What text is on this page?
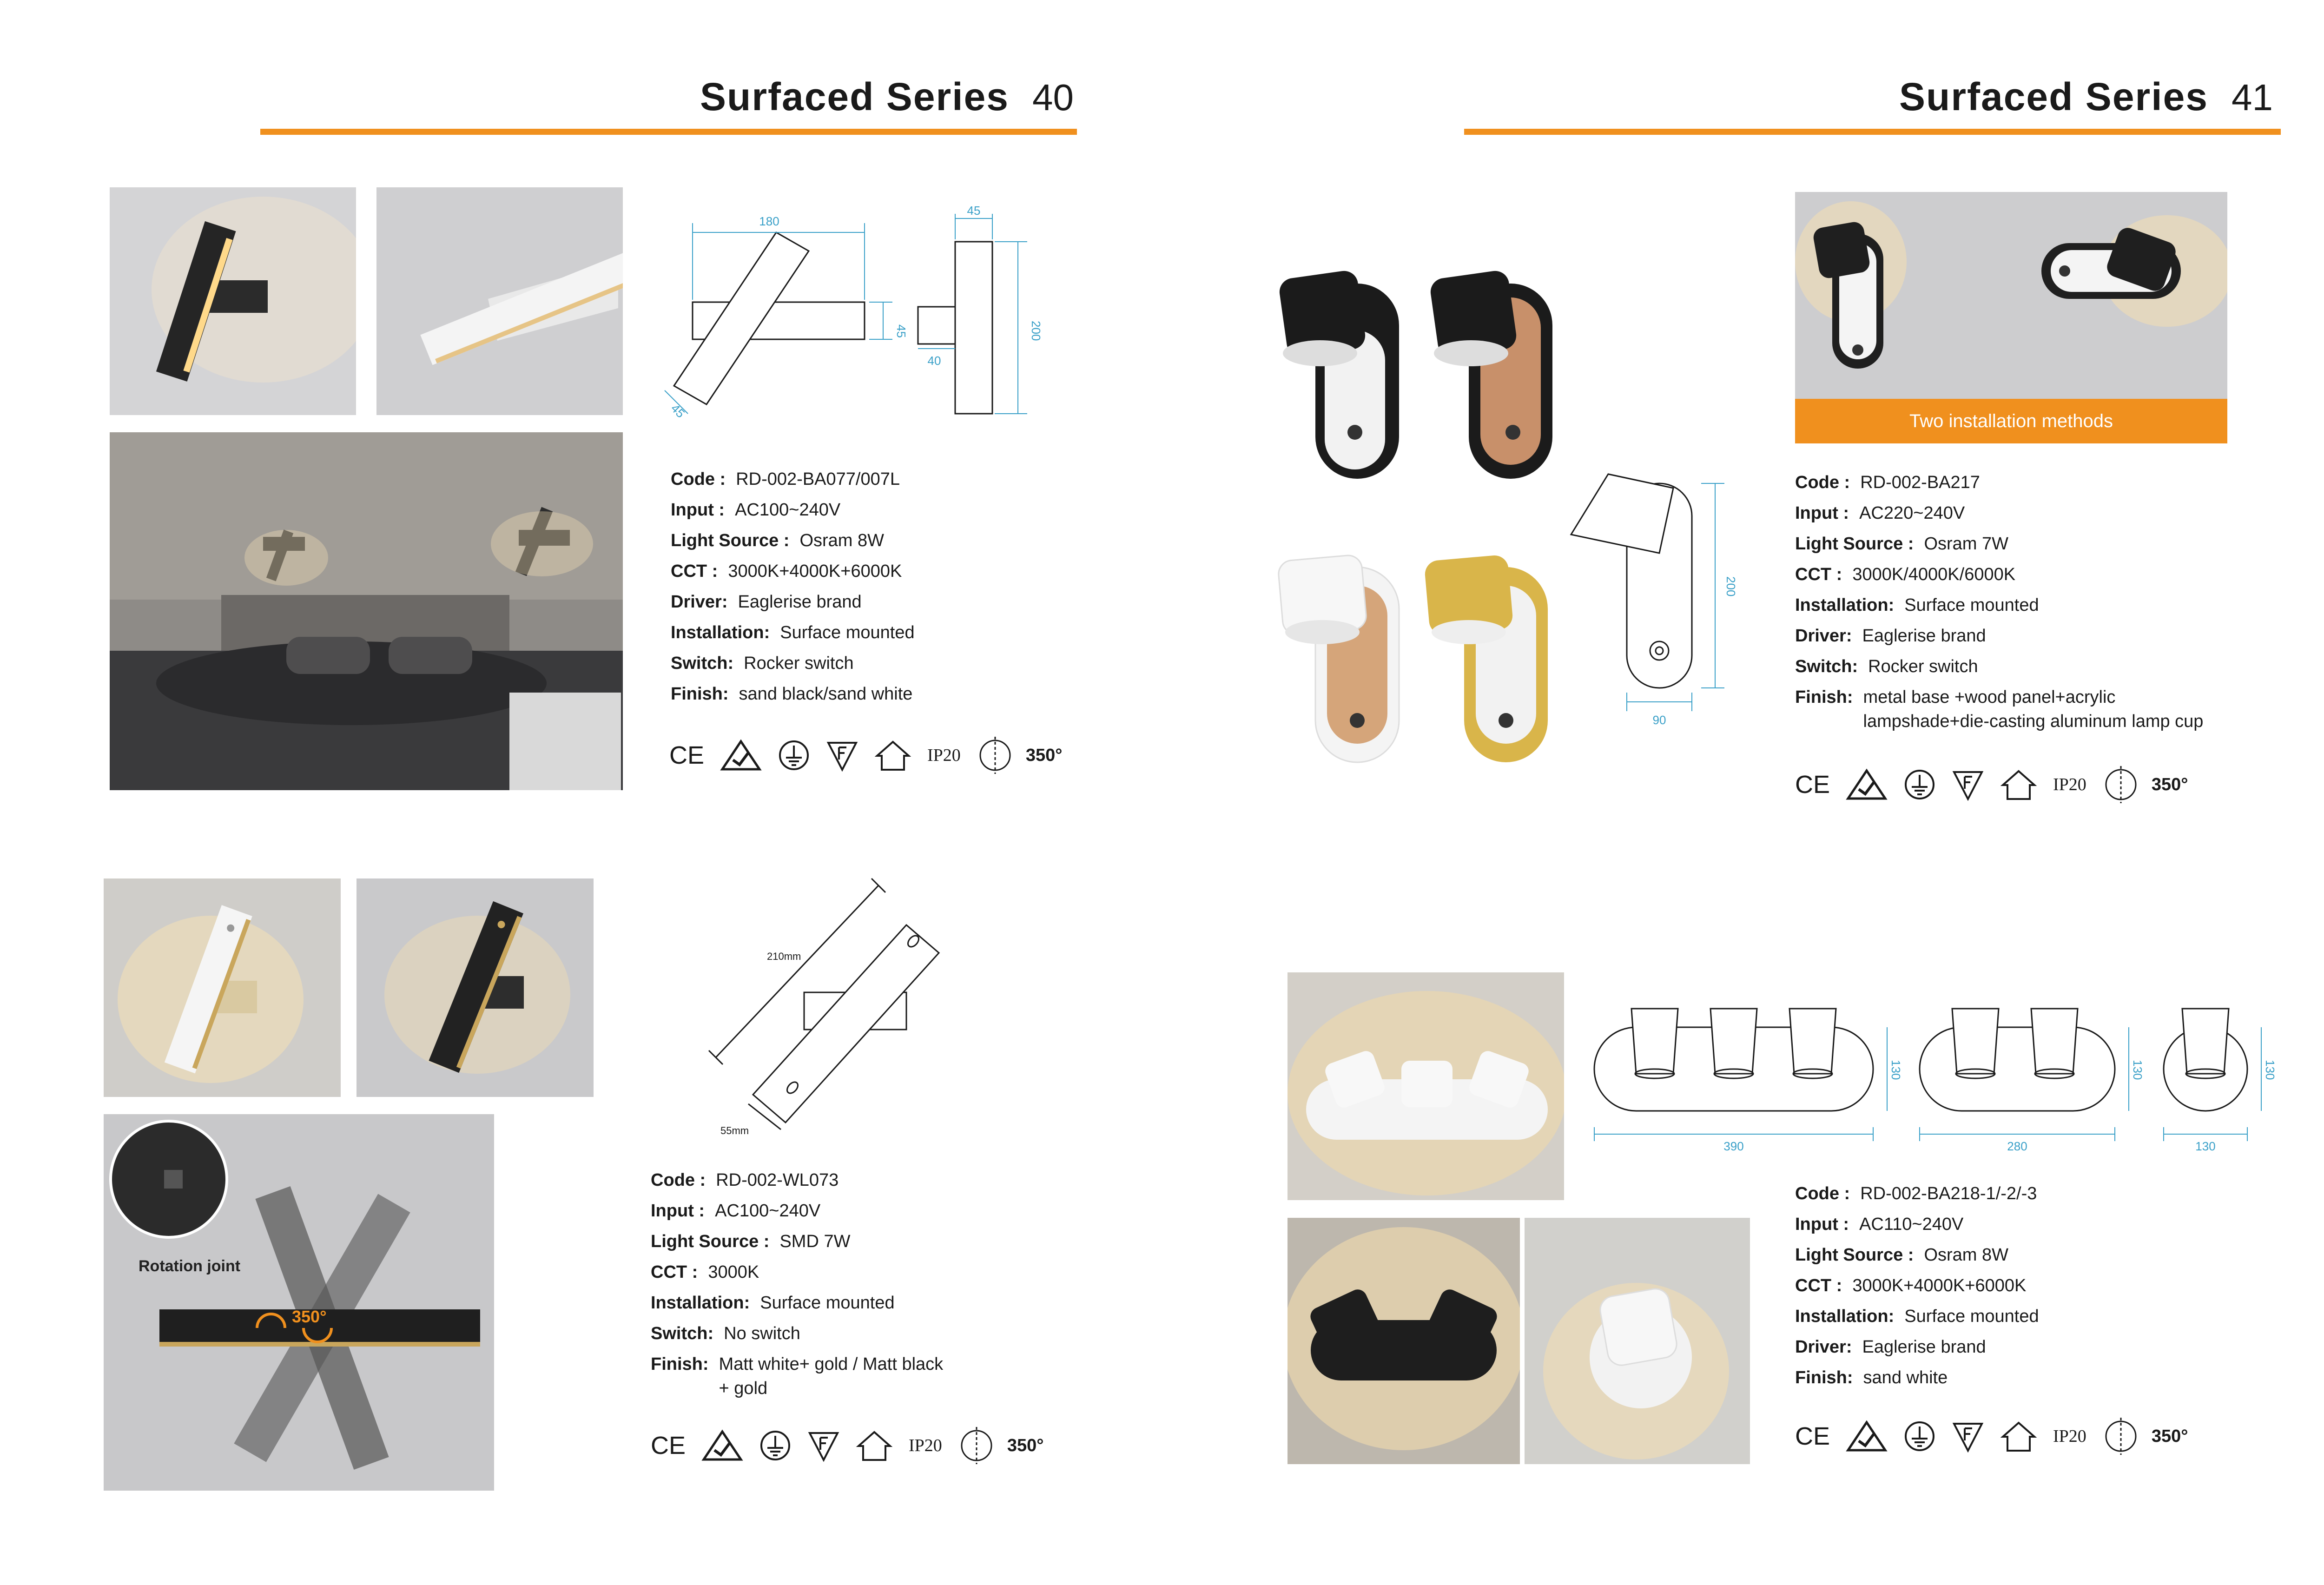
Surfaced Series 40	Surfaced Series 41
180
45
45
45
40
200
Code : RD-002-BA077/007L
Input : AC100~240V
Light Source : Osram 8W
CCT : 3000K+4000K+6000K
Driver: Eaglerise brand
Installation: Surface mounted
Switch: Rocker switch
Finish: sand black/sand white
CE	IP20	350°
Rotation joint
350°
210mm
55mm
Code : RD-002-WL073
Input : AC100~240V
Light Source : SMD 7W
CCT : 3000K
Installation: Surface mounted
Switch: No switch
Finish: Matt white+ gold / Matt black
+ gold
CE	IP20	350°
200
90
Two installation methods
Code : RD-002-BA217
Input : AC220~240V
Light Source : Osram 7W
CCT : 3000K/4000K/6000K
Installation: Surface mounted
Driver: Eaglerise brand
Switch: Rocker switch
Finish: metal base +wood panel+acrylic
lampshade+die-casting aluminum lamp cup
CE	IP20	350°
390
130
280
130
130
130
Code : RD-002-BA218-1/-2/-3
Input : AC110~240V
Light Source : Osram 8W
CCT : 3000K+4000K+6000K
Installation: Surface mounted
Driver: Eaglerise brand
Finish: sand white
CE	IP20	350°
